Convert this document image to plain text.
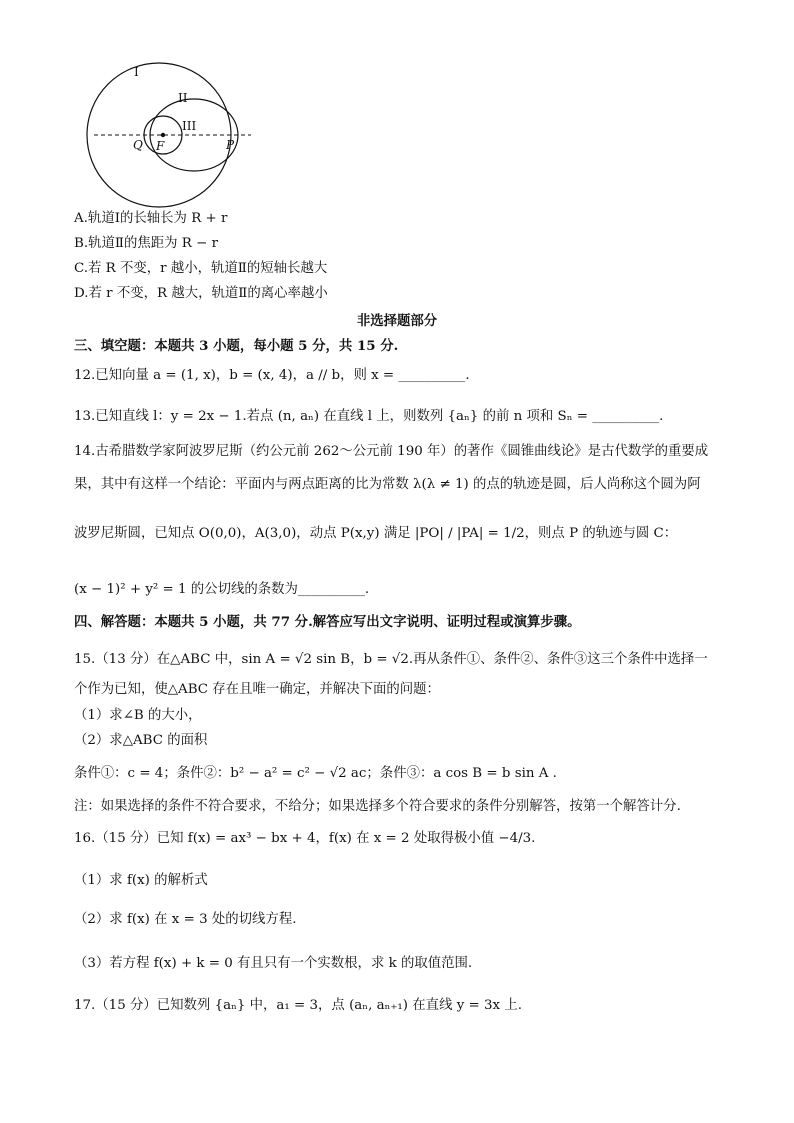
I
II
III
Q F	P
A.轨道Ⅰ的长轴长为 R + r
B.轨道Ⅱ的焦距为 R − r
C.若 R 不变，r 越小，轨道Ⅱ的短轴长越大
D.若 r 不变，R 越大，轨道Ⅱ的离心率越小
非选择题部分
三、填空题：本题共 3 小题，每小题 5 分，共 15 分.
12.已知向量 a = (1, x)，b = (x, 4)，a // b，则 x = __________.
13.已知直线 l：y = 2x − 1.若点 (n, aₙ) 在直线 l 上，则数列 {aₙ} 的前 n 项和 Sₙ = __________.
14.古希腊数学家阿波罗尼斯（约公元前 262～公元前 190 年）的著作《圆锥曲线论》是古代数学的重要成
果，其中有这样一个结论：平面内与两点距离的比为常数 λ(λ ≠ 1) 的点的轨迹是圆，后人尚称这个圆为阿
波罗尼斯圆，已知点 O(0,0)，A(3,0)，动点 P(x,y) 满足 |PO| / |PA| = 1/2，则点 P 的轨迹与圆 C：
(x − 1)² + y² = 1 的公切线的条数为__________.
四、解答题：本题共 5 小题，共 77 分.解答应写出文字说明、证明过程或演算步骤。
15.（13 分）在△ABC 中，sin A = √2 sin B，b = √2.再从条件①、条件②、条件③这三个条件中选择一
个作为已知，使△ABC 存在且唯一确定，并解决下面的问题：
（1）求∠B 的大小，
（2）求△ABC 的面积
条件①：c = 4；条件②：b² − a² = c² − √2 ac；条件③：a cos B = b sin A .
注：如果选择的条件不符合要求，不给分；如果选择多个符合要求的条件分别解答，按第一个解答计分.
16.（15 分）已知 f(x) = ax³ − bx + 4，f(x) 在 x = 2 处取得极小值 −4/3.
（1）求 f(x) 的解析式
（2）求 f(x) 在 x = 3 处的切线方程.
（3）若方程 f(x) + k = 0 有且只有一个实数根，求 k 的取值范围.
17.（15 分）已知数列 {aₙ} 中，a₁ = 3，点 (aₙ, aₙ₊₁) 在直线 y = 3x 上.
